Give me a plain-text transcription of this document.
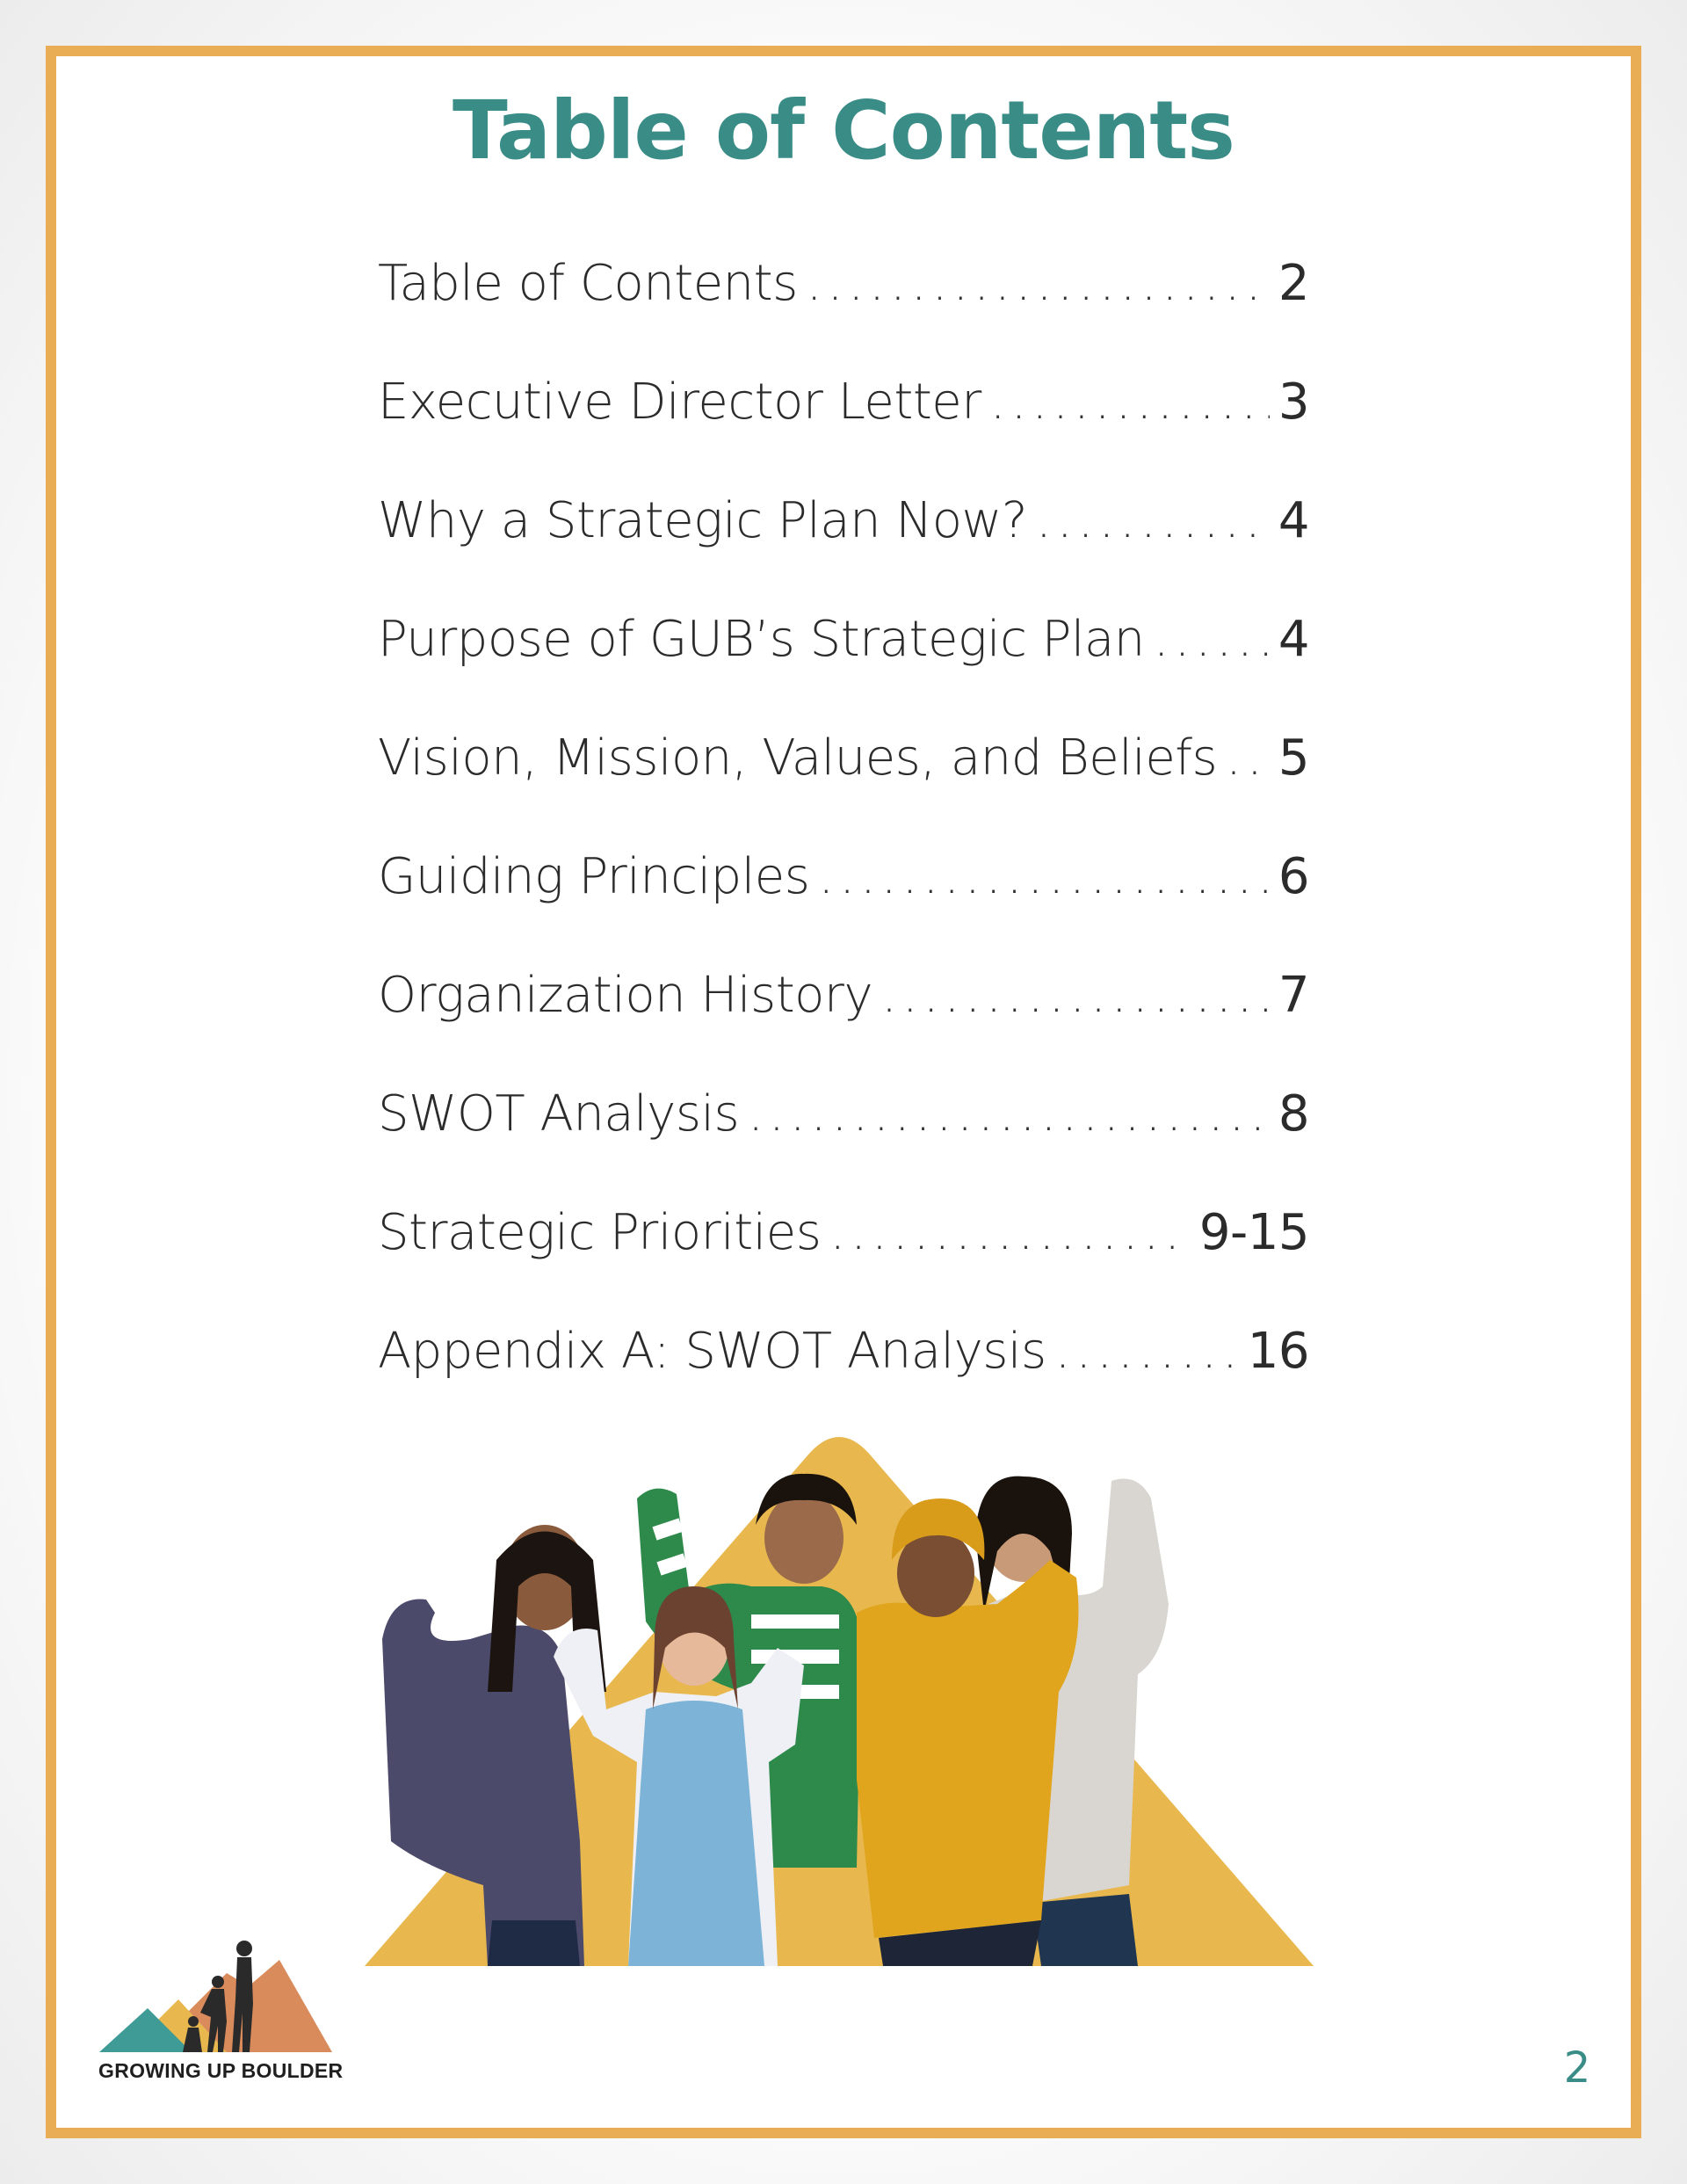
Table of Contents
Table of Contents .....	2
Executive Director Letter .....	3
Why a Strategic Plan Now? .....	4
Purpose of GUB’s Strategic Plan .....	4
Vision, Mission, Values, and Beliefs ..... 5
Guiding Principles .....	6
Organization History .....	7
SWOT Analysis .....	8
Strategic Priorities .....	9-15
Appendix A: SWOT Analysis .....	16
GROWING UP BOULDER	2
